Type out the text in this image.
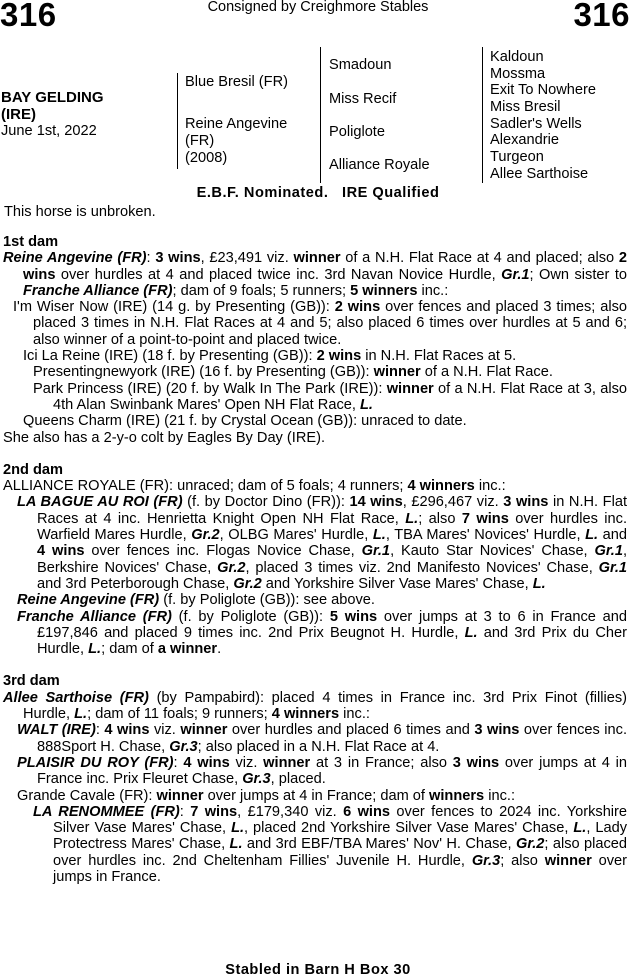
316	Consigned by Creighmore Stables	316
BAY GELDING
(IRE)
June 1st, 2022
Blue Bresil (FR)
Reine Angevine
(FR)
(2008)
Smadoun
Miss Recif
Poliglote
Alliance Royale
Kaldoun
Mossma
Exit To Nowhere
Miss Bresil
Sadler's Wells
Alexandrie
Turgeon
Allee Sarthoise
E.B.F. Nominated.   IRE Qualified
This horse is unbroken.

1st dam

Reine Angevine (FR): 3 wins, £23,491 viz. winner of a N.H. Flat Race at 4 and placed; also 2 wins over hurdles at 4 and placed twice inc. 3rd Navan Novice Hurdle, Gr.1; Own sister to Franche Alliance (FR); dam of 9 foals; 5 runners; 5 winners inc.:

I'm Wiser Now (IRE) (14 g. by Presenting (GB)): 2 wins over fences and placed 3 times; also placed 3 times in N.H. Flat Races at 4 and 5; also placed 6 times over hurdles at 5 and 6; also winner of a point-to-point and placed twice.

Ici La Reine (IRE) (18 f. by Presenting (GB)): 2 wins in N.H. Flat Races at 5.

Presentingnewyork (IRE) (16 f. by Presenting (GB)): winner of a N.H. Flat Race.

Park Princess (IRE) (20 f. by Walk In The Park (IRE)): winner of a N.H. Flat Race at 3, also 4th Alan Swinbank Mares' Open NH Flat Race, L.

Queens Charm (IRE) (21 f. by Crystal Ocean (GB)): unraced to date.

She also has a 2-y-o colt by Eagles By Day (IRE).

2nd dam

ALLIANCE ROYALE (FR): unraced; dam of 5 foals; 4 runners; 4 winners inc.:

LA BAGUE AU ROI (FR) (f. by Doctor Dino (FR)): 14 wins, £296,467 viz. 3 wins in N.H. Flat Races at 4 inc. Henrietta Knight Open NH Flat Race, L.; also 7 wins over hurdles inc. Warfield Mares Hurdle, Gr.2, OLBG Mares' Hurdle, L., TBA Mares' Novices' Hurdle, L. and 4 wins over fences inc. Flogas Novice Chase, Gr.1, Kauto Star Novices' Chase, Gr.1, Berkshire Novices' Chase, Gr.2, placed 3 times viz. 2nd Manifesto Novices' Chase, Gr.1 and 3rd Peterborough Chase, Gr.2 and Yorkshire Silver Vase Mares' Chase, L.

Reine Angevine (FR) (f. by Poliglote (GB)): see above.

Franche Alliance (FR) (f. by Poliglote (GB)): 5 wins over jumps at 3 to 6 in France and £197,846 and placed 9 times inc. 2nd Prix Beugnot H. Hurdle, L. and 3rd Prix du Cher Hurdle, L.; dam of a winner.

3rd dam

Allee Sarthoise (FR) (by Pampabird): placed 4 times in France inc. 3rd Prix Finot (fillies) Hurdle, L.; dam of 11 foals; 9 runners; 4 winners inc.:

WALT (IRE): 4 wins viz. winner over hurdles and placed 6 times and 3 wins over fences inc. 888Sport H. Chase, Gr.3; also placed in a N.H. Flat Race at 4.

PLAISIR DU ROY (FR): 4 wins viz. winner at 3 in France; also 3 wins over jumps at 4 in France inc. Prix Fleuret Chase, Gr.3, placed.

Grande Cavale (FR): winner over jumps at 4 in France; dam of winners inc.:

LA RENOMMEE (FR): 7 wins, £179,340 viz. 6 wins over fences to 2024 inc. Yorkshire Silver Vase Mares' Chase, L., placed 2nd Yorkshire Silver Vase Mares' Chase, L., Lady Protectress Mares' Chase, L. and 3rd EBF/TBA Mares' Nov' H. Chase, Gr.2; also placed over hurdles inc. 2nd Cheltenham Fillies' Juvenile H. Hurdle, Gr.3; also winner over jumps in France.

Stabled in Barn H Box 30
